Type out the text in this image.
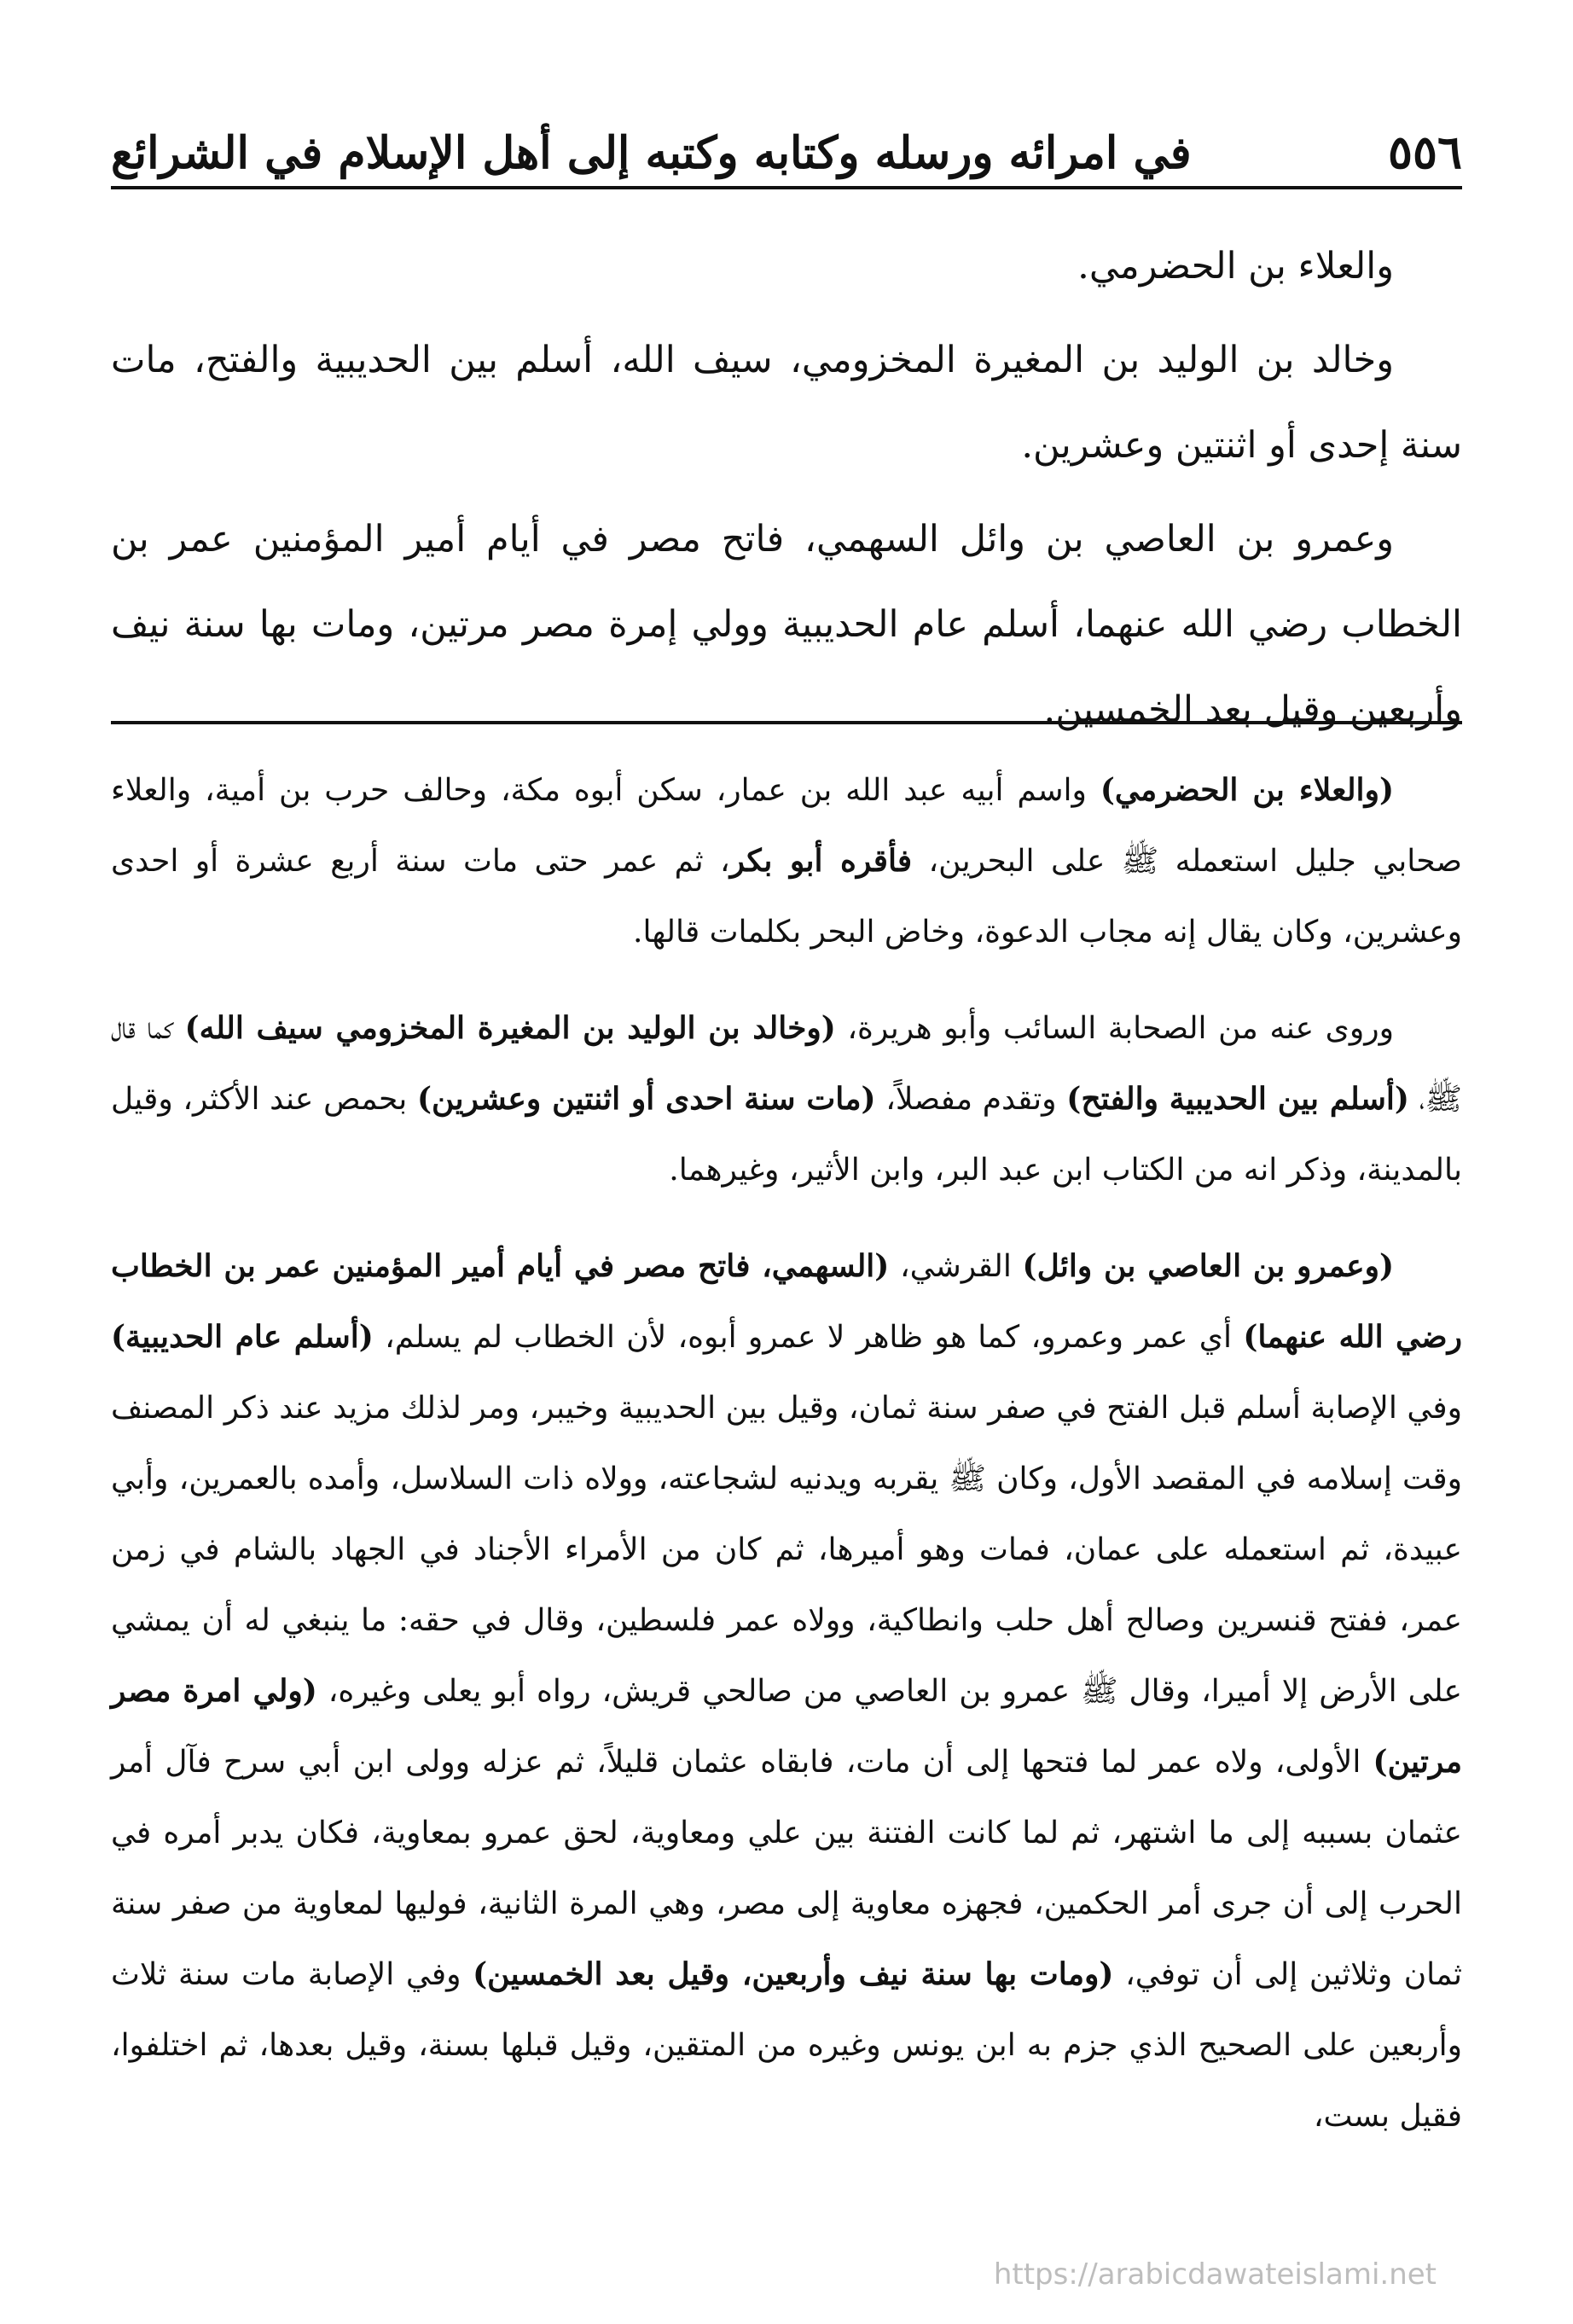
٥٥٦
في امرائه ورسله وكتابه وكتبه إلى أهل الإسلام في الشرائع

والعلاء بن الحضرمي.

وخالد بن الوليد بن المغيرة المخزومي، سيف الله، أسلم بين الحديبية والفتح، مات سنة إحدى أو اثنتين وعشرين.

وعمرو بن العاصي بن وائل السهمي، فاتح مصر في أيام أمير المؤمنين عمر بن الخطاب رضي الله عنهما، أسلم عام الحديبية وولي إمرة مصر مرتين، ومات بها سنة نيف وأربعين وقيل بعد الخمسين.

(والعلاء بن الحضرمي) واسم أبيه عبد الله بن عمار، سكن أبوه مكة، وحالف حرب بن أمية، والعلاء صحابي جليل استعمله ﷺ على البحرين، فأقره أبو بكر، ثم عمر حتى مات سنة أربع عشرة أو احدى وعشرين، وكان يقال إنه مجاب الدعوة، وخاض البحر بكلمات قالها.

وروى عنه من الصحابة السائب وأبو هريرة، (وخالد بن الوليد بن المغيرة المخزومي سيف الله) كما قال ﷺ، (أسلم بين الحديبية والفتح) وتقدم مفصلاً، (مات سنة احدى أو اثنتين وعشرين) بحمص عند الأكثر، وقيل بالمدينة، وذكر انه من الكتاب ابن عبد البر، وابن الأثير، وغيرهما.

(وعمرو بن العاصي بن وائل) القرشي، (السهمي، فاتح مصر في أيام أمير المؤمنين عمر بن الخطاب رضي الله عنهما) أي عمر وعمرو، كما هو ظاهر لا عمرو أبوه، لأن الخطاب لم يسلم، (أسلم عام الحديبية) وفي الإصابة أسلم قبل الفتح في صفر سنة ثمان، وقيل بين الحديبية وخيبر، ومر لذلك مزيد عند ذكر المصنف وقت إسلامه في المقصد الأول، وكان ﷺ يقربه ويدنيه لشجاعته، وولاه ذات السلاسل، وأمده بالعمرين، وأبي عبيدة، ثم استعمله على عمان، فمات وهو أميرها، ثم كان من الأمراء الأجناد في الجهاد بالشام في زمن عمر، ففتح قنسرين وصالح أهل حلب وانطاكية، وولاه عمر فلسطين، وقال في حقه: ما ينبغي له أن يمشي على الأرض إلا أميرا، وقال ﷺ عمرو بن العاصي من صالحي قريش، رواه أبو يعلى وغيره، (ولي امرة مصر مرتين) الأولى، ولاه عمر لما فتحها إلى أن مات، فابقاه عثمان قليلاً، ثم عزله وولى ابن أبي سرح فآل أمر عثمان بسببه إلى ما اشتهر، ثم لما كانت الفتنة بين علي ومعاوية، لحق عمرو بمعاوية، فكان يدبر أمره في الحرب إلى أن جرى أمر الحكمين، فجهزه معاوية إلى مصر، وهي المرة الثانية، فوليها لمعاوية من صفر سنة ثمان وثلاثين إلى أن توفي، (ومات بها سنة نيف وأربعين، وقيل بعد الخمسين) وفي الإصابة مات سنة ثلاث وأربعين على الصحيح الذي جزم به ابن يونس وغيره من المتقين، وقيل قبلها بسنة، وقيل بعدها، ثم اختلفوا، فقيل بست،

https://arabicdawateislami.net
